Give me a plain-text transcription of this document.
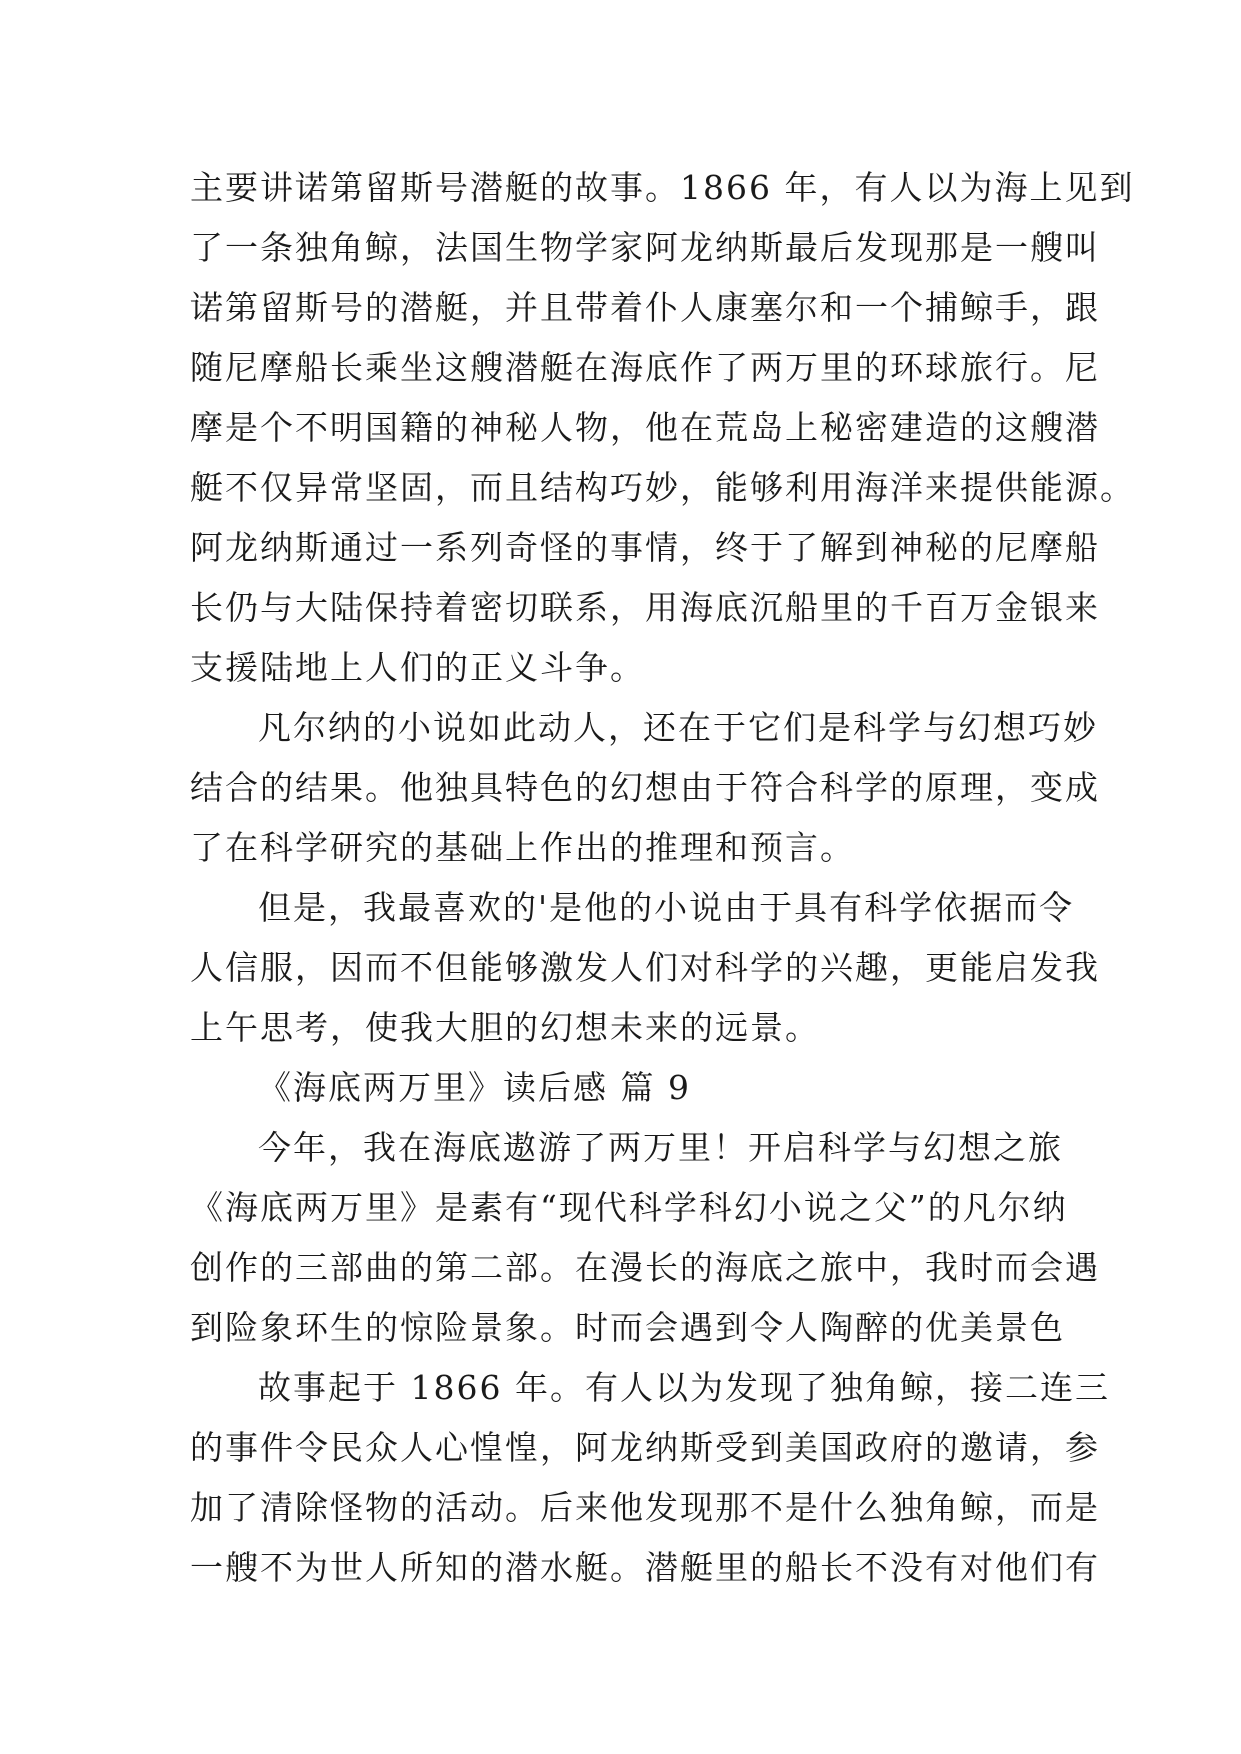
主要讲诺第留斯号潜艇的故事。1866 年，有人以为海上见到
了一条独角鲸，法国生物学家阿龙纳斯最后发现那是一艘叫
诺第留斯号的潜艇，并且带着仆人康塞尔和一个捕鲸手，跟
随尼摩船长乘坐这艘潜艇在海底作了两万里的环球旅行。尼
摩是个不明国籍的神秘人物，他在荒岛上秘密建造的这艘潜
艇不仅异常坚固，而且结构巧妙，能够利用海洋来提供能源。
阿龙纳斯通过一系列奇怪的事情，终于了解到神秘的尼摩船
长仍与大陆保持着密切联系，用海底沉船里的千百万金银来
支援陆地上人们的正义斗争。
凡尔纳的小说如此动人，还在于它们是科学与幻想巧妙
结合的结果。他独具特色的幻想由于符合科学的原理，变成
了在科学研究的基础上作出的推理和预言。
但是，我最喜欢的'是他的小说由于具有科学依据而令
人信服，因而不但能够激发人们对科学的兴趣，更能启发我
上午思考，使我大胆的幻想未来的远景。
《海底两万里》读后感 篇 9
今年，我在海底遨游了两万里！开启科学与幻想之旅
《海底两万里》是素有“现代科学科幻小说之父”的凡尔纳
创作的三部曲的第二部。在漫长的海底之旅中，我时而会遇
到险象环生的惊险景象。时而会遇到令人陶醉的优美景色
故事起于 1866 年。有人以为发现了独角鲸，接二连三
的事件令民众人心惶惶，阿龙纳斯受到美国政府的邀请，参
加了清除怪物的活动。后来他发现那不是什么独角鲸，而是
一艘不为世人所知的潜水艇。潜艇里的船长不没有对他们有
